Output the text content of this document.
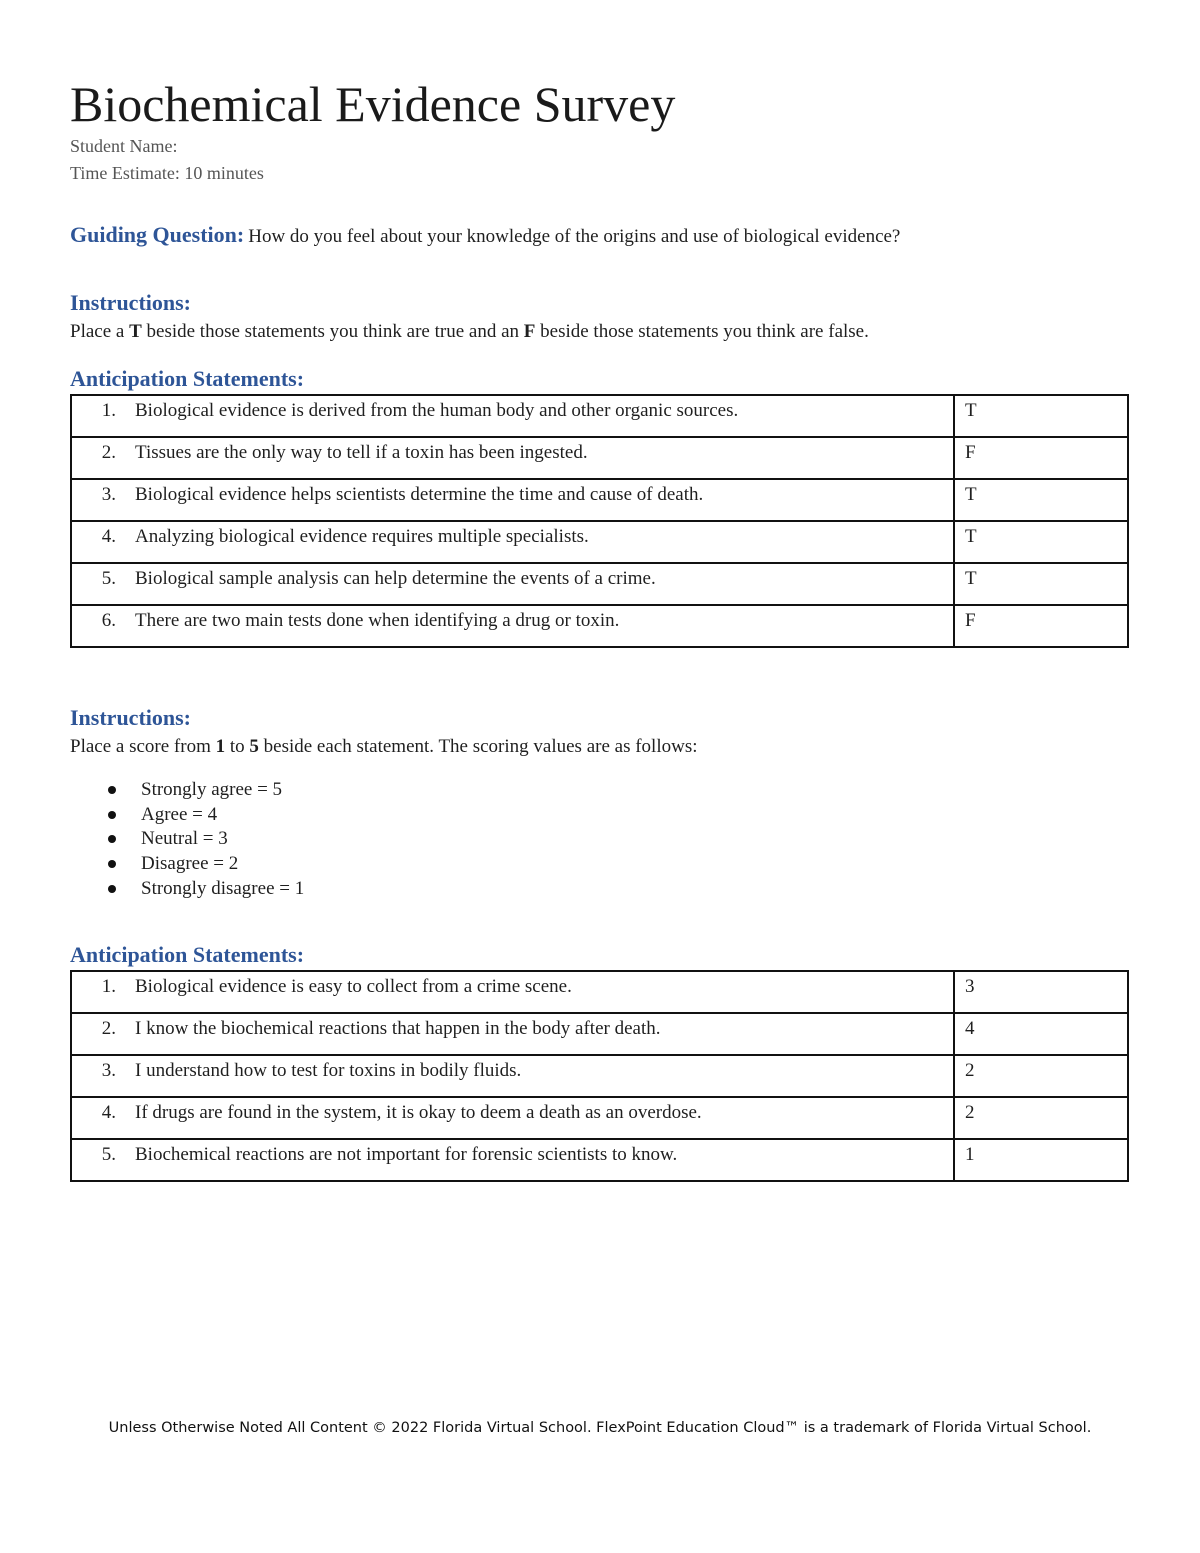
Biochemical Evidence Survey
Student Name:
Time Estimate: 10 minutes
Guiding Question: How do you feel about your knowledge of the origins and use of biological evidence?
Instructions:
Place a T beside those statements you think are true and an F beside those statements you think are false.
Anticipation Statements:
1. Biological evidence is derived from the human body and other organic sources.	T

2. Tissues are the only way to tell if a toxin has been ingested.	F

3. Biological evidence helps scientists determine the time and cause of death.	T

4. Analyzing biological evidence requires multiple specialists.	T

5. Biological sample analysis can help determine the events of a crime.	T

6. There are two main tests done when identifying a drug or toxin.	F
Instructions:
Place a score from 1 to 5 beside each statement. The scoring values are as follows:
Strongly agree = 5
Agree = 4
Neutral = 3
Disagree = 2
Strongly disagree = 1
Anticipation Statements:
1. Biological evidence is easy to collect from a crime scene.	3

2. I know the biochemical reactions that happen in the body after death.	4

3. I understand how to test for toxins in bodily fluids.	2

4. If drugs are found in the system, it is okay to deem a death as an overdose.	2

5. Biochemical reactions are not important for forensic scientists to know.	1
Unless Otherwise Noted All Content © 2022 Florida Virtual School. FlexPoint Education Cloud™ is a trademark of Florida Virtual School.
